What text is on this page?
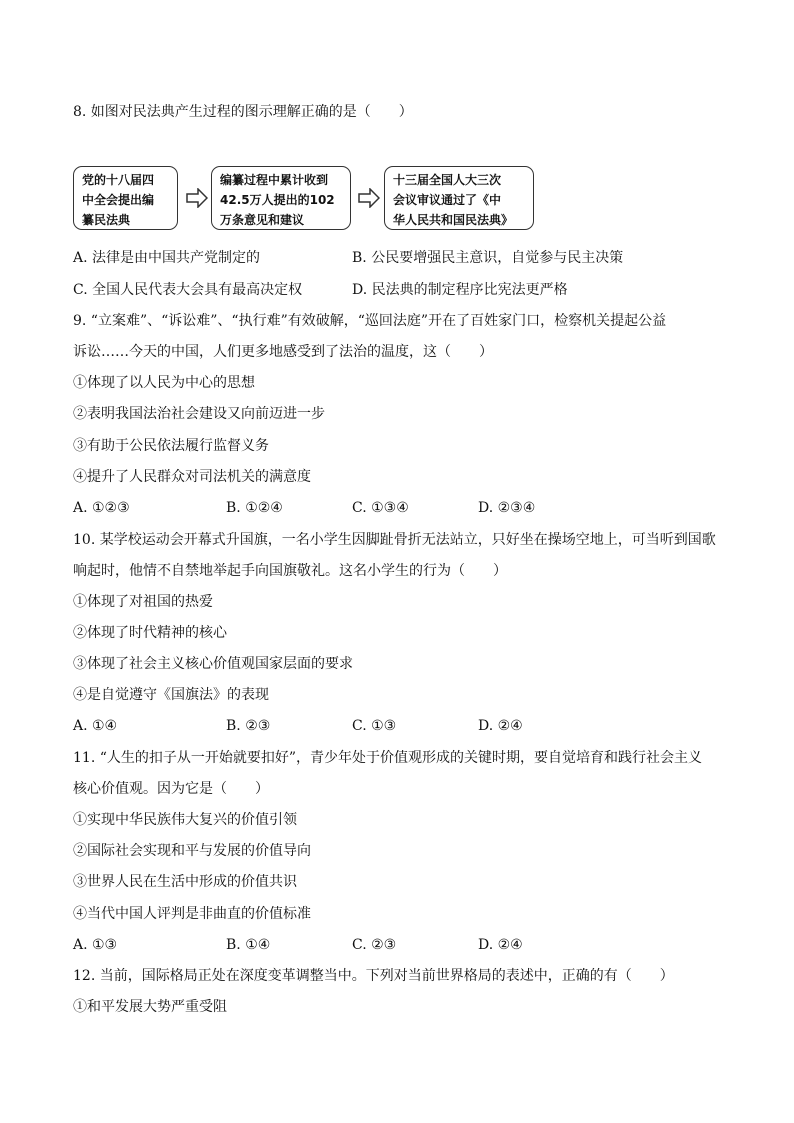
8. 如图对民法典产生过程的图示理解正确的是（　　）
党的十八届四
中全会提出编
纂民法典
编纂过程中累计收到
42.5万人提出的102
万条意见和建议
十三届全国人大三次
会议审议通过了《中
华人民共和国民法典》
A. 法律是由中国共产党制定的	B. 公民要增强民主意识，自觉参与民主决策
C. 全国人民代表大会具有最高决定权	D. 民法典的制定程序比宪法更严格
9. “立案难”、“诉讼难”、“执行难”有效破解，“巡回法庭”开在了百姓家门口，检察机关提起公益
诉讼……今天的中国，人们更多地感受到了法治的温度，这（　　）
①体现了以人民为中心的思想
②表明我国法治社会建设又向前迈进一步
③有助于公民依法履行监督义务
④提升了人民群众对司法机关的满意度
A. ①②③	B. ①②④	C. ①③④	D. ②③④
10. 某学校运动会开幕式升国旗，一名小学生因脚趾骨折无法站立，只好坐在操场空地上，可当听到国歌
响起时，他情不自禁地举起手向国旗敬礼。这名小学生的行为（　　）
①体现了对祖国的热爱
②体现了时代精神的核心
③体现了社会主义核心价值观国家层面的要求
④是自觉遵守《国旗法》的表现
A. ①④	B. ②③	C. ①③	D. ②④
11. “人生的扣子从一开始就要扣好”，青少年处于价值观形成的关键时期，要自觉培育和践行社会主义
核心价值观。因为它是（　　）
①实现中华民族伟大复兴的价值引领
②国际社会实现和平与发展的价值导向
③世界人民在生活中形成的价值共识
④当代中国人评判是非曲直的价值标准
A. ①③	B. ①④	C. ②③	D. ②④
12. 当前，国际格局正处在深度变革调整当中。下列对当前世界格局的表述中，正确的有（　　）
①和平发展大势严重受阻
